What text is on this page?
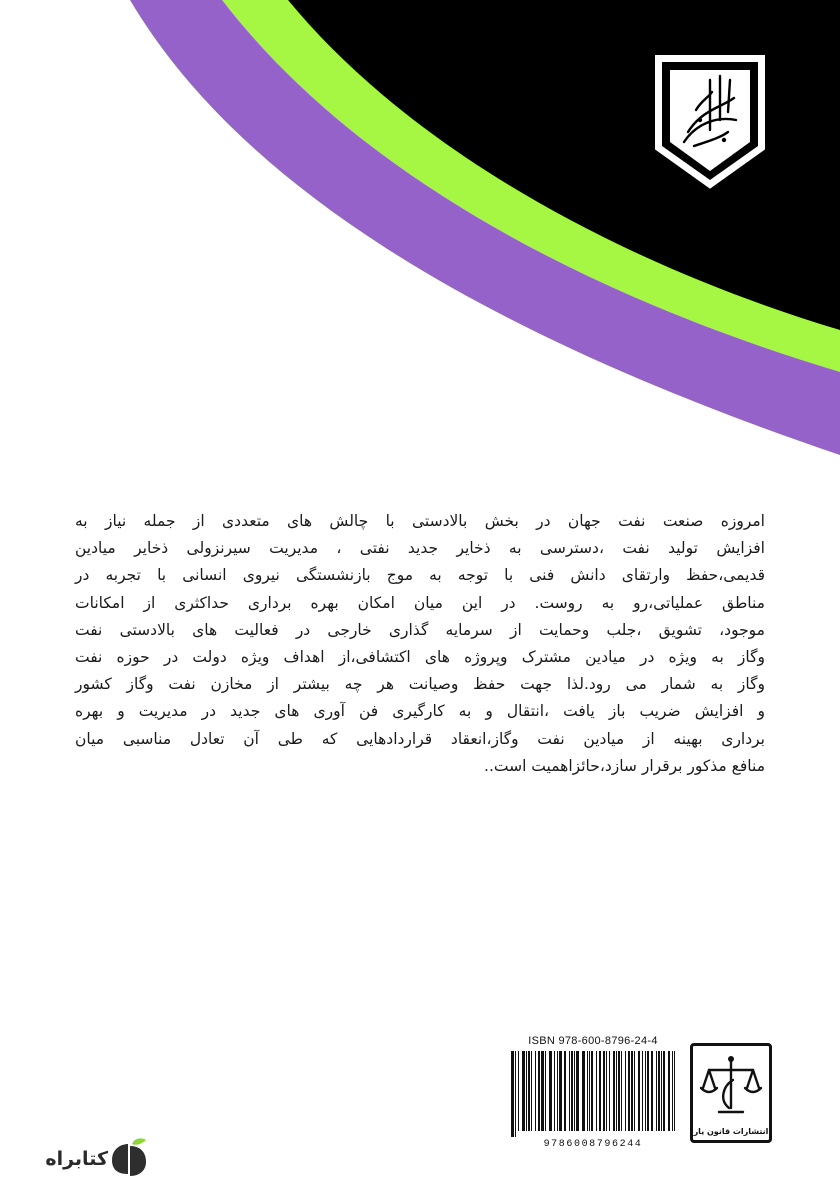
امروزه صنعت نفت جهان در بخش بالادستی با چالش های متعددی از جمله نیاز به
افزایش تولید نفت ،دسترسی به ذخایر جدید نفتی ، مدیریت سیرنزولی ذخایر میادین
قدیمی،حفظ وارتقای دانش فنی با توجه به موج بازنشستگی نیروی انسانی با تجربه در
مناطق عملیاتی،رو به روست. در این میان امکان بهره برداری حداکثری از امکانات
موجود، تشویق ،جلب وحمایت از سرمایه گذاری خارجی در فعالیت های بالادستی نفت
وگاز به ویژه در میادین مشترک وپروژه های اکتشافی،از اهداف ویژه دولت در حوزه نفت
وگاز به شمار می رود.لذا جهت حفظ وصیانت هر چه بیشتر از مخازن نفت وگاز کشور
و افزایش ضریب باز یافت ،انتقال و به کارگیری فن آوری های جدید در مدیریت و بهره
برداری بهینه از میادین نفت وگاز،انعقاد قراردادهایی که طی آن تعادل مناسبی میان
منافع مذکور برقرار سازد،حائزاهمیت است..
ISBN 978-600-8796-24-4
9786008796244
انتشارات قانون یار
کتابراه
